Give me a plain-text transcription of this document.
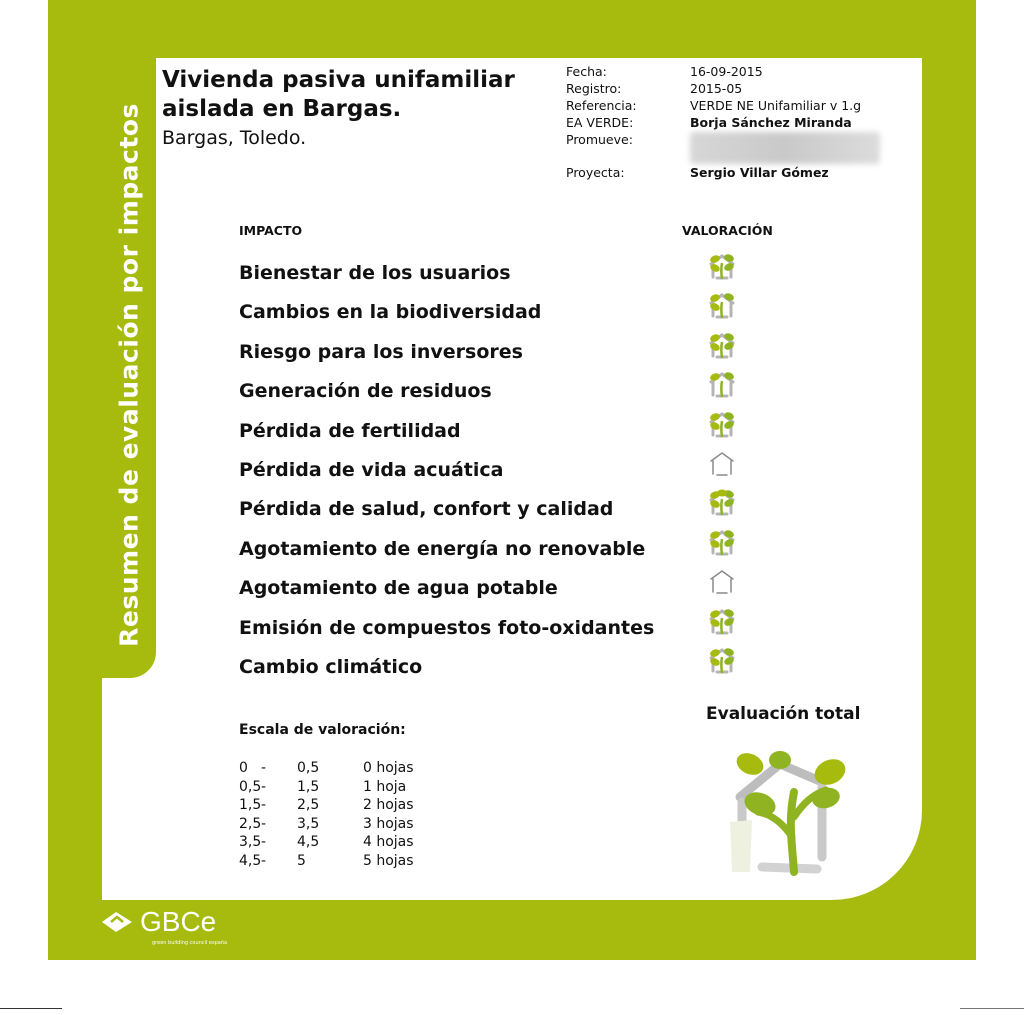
Resumen de evaluación por impactos
Vivienda pasiva unifamiliar aislada en Bargas.
Bargas, Toledo.
Fecha:	16-09-2015
Registro:	2015-05
Referencia:	VERDE NE Unifamiliar v 1.g
EA VERDE:	Borja Sánchez Miranda
Promueve:
Proyecta:	Sergio Villar Gómez
IMPACTO	VALORACIÓN
Bienestar de los usuarios
Cambios en la biodiversidad
Riesgo para los inversores
Generación de residuos
Pérdida de fertilidad
Pérdida de vida acuática
Pérdida de salud, confort y calidad
Agotamiento de energía no renovable
Agotamiento de agua potable
Emisión de compuestos foto-oxidantes
Cambio climático
Evaluación total
Escala de valoración:
0 - 0,5	0 hojas
0,5 - 1,5	1 hoja
1,5 - 2,5	2 hojas
2,5 - 3,5	3 hojas
3,5 - 4,5	4 hojas
4,5 - 5	5 hojas
GBCe
green building council españa
